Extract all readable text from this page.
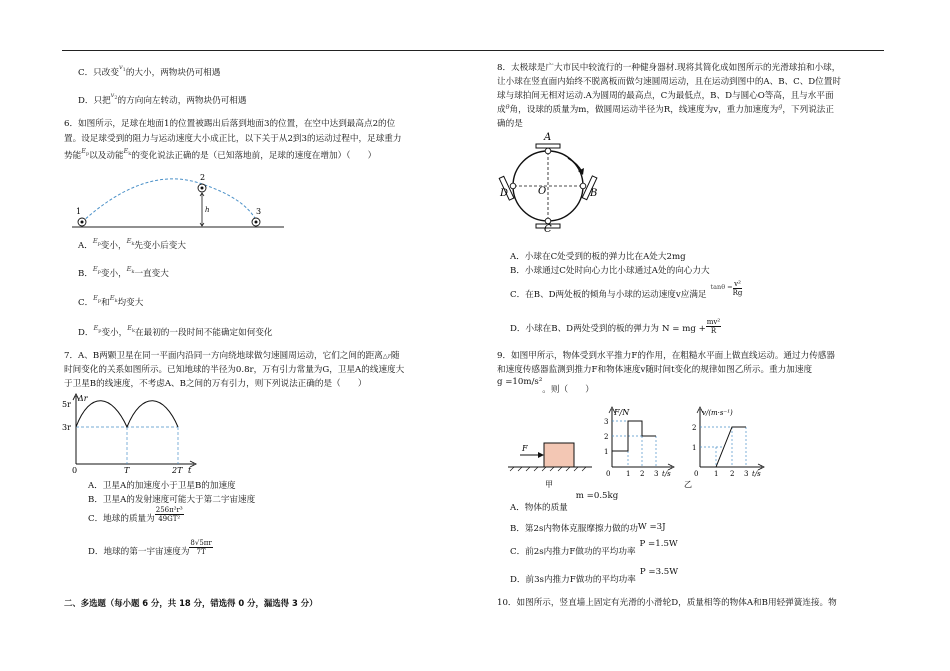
C．只改变$^{v1}$的大小，两物块仍可相遇
D．只把$^{v2}$的方向向左转动，两物块仍可相遇
6．如图所示，足球在地面1的位置被踢出后落到地面3的位置，在空中达到最高点2的位
置。设足球受到的阻力与运动速度大小成正比，以下关于从2到3的运动过程中，足球重力
势能$^{Ep}$以及动能$^{Ek}$的变化说法正确的是（已知落地前，足球的速度在增加）（　　）
1
2
3
h
A．$^{Ep}$变小，$^{Ek}$先变小后变大
B．$^{Ep}$变小，$^{Ek}$一直变大
C．$^{Ep}$和$^{Ek}$均变大
D．$^{Ep}$变小，$^{Ek}$在最初的一段时间不能确定如何变化
7．A、B两颗卫星在同一平面内沿同一方向绕地球做匀速圆周运动，它们之间的距离△r随
时间变化的关系如图所示。已知地球的半径为0.8r，万有引力常量为G，卫星A的线速度大
于卫星B的线速度，不考虑A、B之间的万有引力，则下列说法正确的是（　　）
Δr
5r
3r
0	T	2T t
A．卫星A的加速度小于卫星B的加速度
B．卫星A的发射速度可能大于第二宇宙速度
C．地球的质量为 $\frac{\text{256π²r³}}{\text{49GT²}}$
D．地球的第一宇宙速度为 $\frac{8√5\pi r}{7T}$
二、多选题（每小题 6 分，共 18 分，错选得 0 分，漏选得 3 分）
8．太极球是广大市民中较流行的一种健身器材.现将其简化成如图所示的光滑球拍和小球，
让小球在竖直面内始终不脱离板而做匀速圆周运动，且在运动到图中的A、B、C、D位置时
球与球拍间无相对运动.A为圆周的最高点，C为最低点，B、D与圆心O等高，且与水平面
成$^\theta$角，设球的质量为m，做圆周运动半径为R，线速度为v，重力加速度为$^g$，下列说法正
确的是
A
C
B
D	O
A．小球在C处受到的板的弹力比在A处大2mg
B．小球通过C处时向心力比小球通过A处的向心力大
C．在B、D两处板的倾角与小球的运动速度v应满足$^{tan\theta =} \frac{\text{v²}}{Rg}$
D．小球在B、D两处受到的板的弹力为 N = mg + $\frac{\text{mv²}}{R}$
9．如图甲所示，物体受到水平推力F的作用，在粗糙水平面上做直线运动。通过力传感器
和速度传感器监测到推力F和物体速度v随时间t变化的规律如图乙所示。重力加速度
g =10m/s²。则（　　）
F
甲
F/N
3
2
1
0 1 2 3 t/s
v/(m·s⁻¹)
2
1
0 1 2 3 t/s
乙
A．物体的质量m =0.5kg
B．第2s内物体克服摩擦力做的功W =3J
C．前2s内推力F做功的平均功率P =1.5W
D．前3s内推力F做功的平均功率P =3.5W
10．如图所示，竖直墙上固定有光滑的小滑轮D，质量相等的物体A和B用轻弹簧连接。物
